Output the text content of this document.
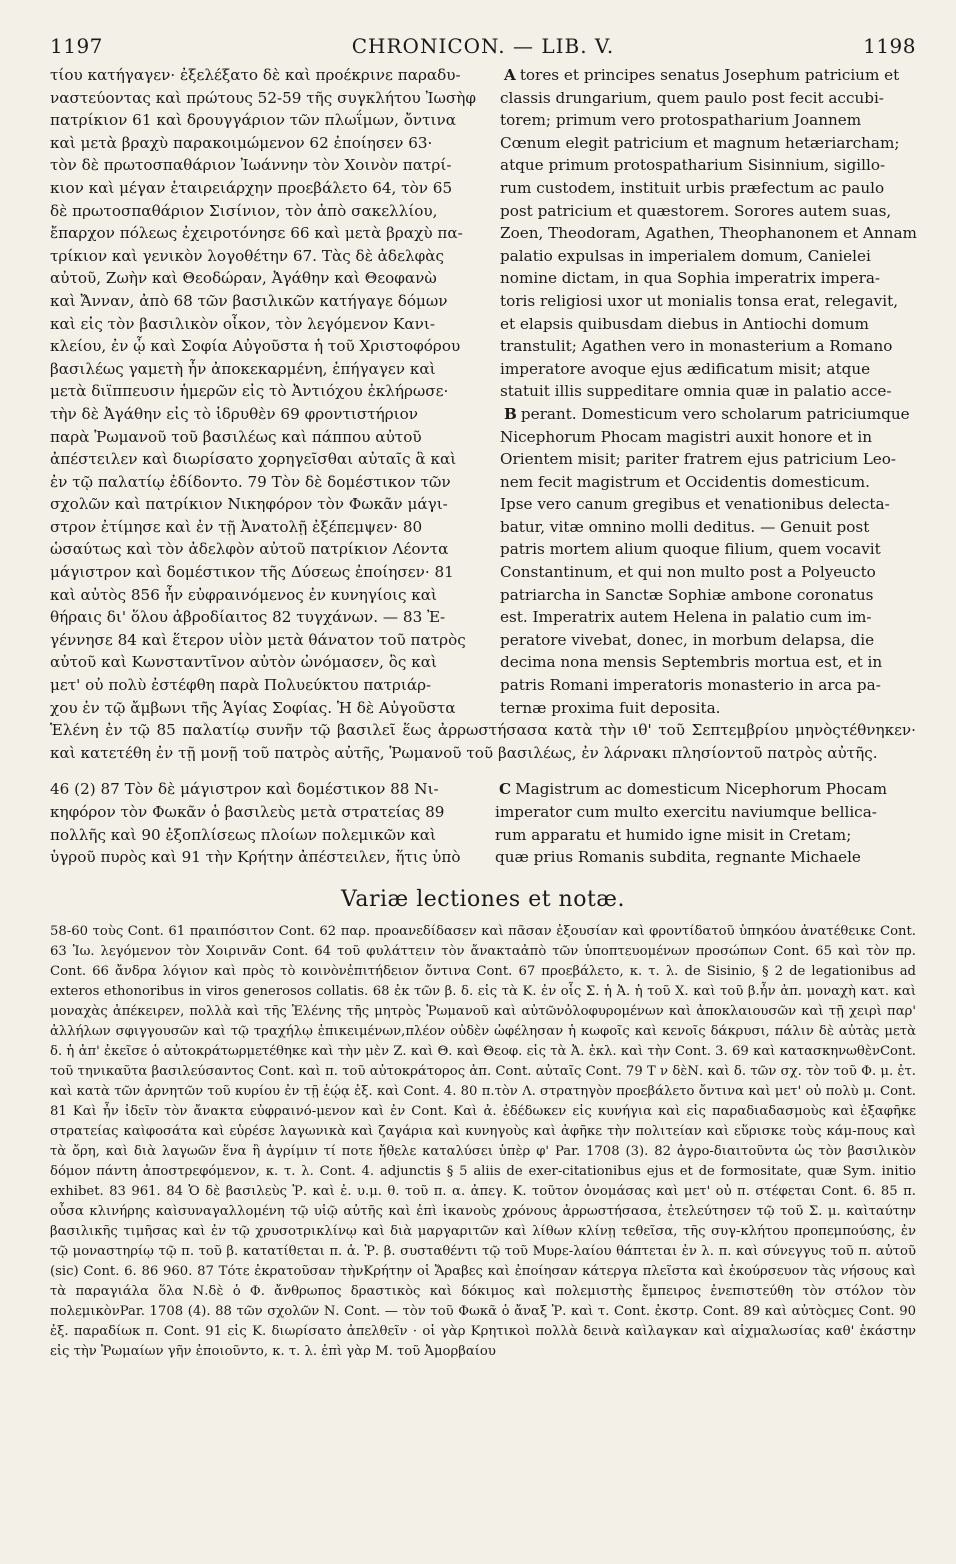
1197	CHRONICON. — LIB. V.	1198
τίου κατήγαγεν· ἐξελέξατο δὲ καὶ προέκρινε παραδυ-
ναστεύοντας καὶ πρώτους 52-59 τῆς συγκλήτου Ἰωσὴφ
πατρίκιον 61 καὶ δρουγγάριον τῶν πλωΐμων, ὄντινα
καὶ μετὰ βραχὺ παρακοιμώμενον 62 ἐποίησεν 63·
τὸν δὲ πρωτοσπαθάριον Ἰωάννην τὸν Χοινὸν πατρί-
κιον καὶ μέγαν ἑταιρειάρχην προεβάλετο 64, τὸν 65
δὲ πρωτοσπαθάριον Σισίνιον, τὸν ἀπὸ σακελλίου,
ἔπαρχον πόλεως ἐχειροτόνησε 66 καὶ μετὰ βραχὺ πα-
τρίκιον καὶ γενικὸν λογοθέτην 67. Τὰς δὲ ἀδελφὰς
αὐτοῦ, Ζωὴν καὶ Θεοδώραν, Ἀγάθην καὶ Θεοφανὼ
καὶ Ἄνναν, ἀπὸ 68 τῶν βασιλικῶν κατήγαγε δόμων
καὶ εἰς τὸν βασιλικὸν οἶκον, τὸν λεγόμενον Κανι-
κλείου, ἐν ᾧ καὶ Σοφία Αὐγοῦστα ἡ τοῦ Χριστοφόρου
βασιλέως γαμετὴ ἦν ἀποκεκαρμένη, ἐπήγαγεν καὶ
μετὰ διϊππευσιν ἡμερῶν εἰς τὸ Ἀντιόχου ἐκλήρωσε·
τὴν δὲ Ἀγάθην εἰς τὸ ἱδρυθὲν 69 φροντιστήριον
παρὰ Ῥωμανοῦ τοῦ βασιλέως καὶ πάππου αὐτοῦ
ἀπέστειλεν καὶ διωρίσατο χορηγεῖσθαι αὐταῖς ἃ καὶ
ἐν τῷ παλατίῳ ἐδίδοντο. 79 Τὸν δὲ δομέστικον τῶν
σχολῶν καὶ πατρίκιον Νικηφόρον τὸν Φωκᾶν μάγι-
στρον ἐτίμησε καὶ ἐν τῇ Ἀνατολῇ ἐξέπεμψεν· 80
ὡσαύτως καὶ τὸν ἀδελφὸν αὐτοῦ πατρίκιον Λέοντα
μάγιστρον καὶ δομέστικον τῆς Δύσεως ἐποίησεν· 81
καὶ αὐτὸς 856 ἦν εὐφραινόμενος ἐν κυνηγίοις καὶ
θήραις δι' ὅλου ἀβροδίαιτος 82 τυγχάνων. — 83 Ἐ-
γέννησε 84 καὶ ἕτερον υἱὸν μετὰ θάνατον τοῦ πατρὸς
αὐτοῦ καὶ Κωνσταντῖνον αὐτὸν ὠνόμασεν, ὃς καὶ
μετ' οὐ πολὺ ἐστέφθη παρὰ Πολυεύκτου πατριάρ-
χου ἐν τῷ ἄμβωνι τῆς Ἁγίας Σοφίας. Ἡ δὲ Αὐγοῦστα
A tores et principes senatus Josephum patricium et
classis drungarium, quem paulo post fecit accubi-
torem; primum vero protospatharium Joannem
Cœnum elegit patricium et magnum hetæriarcham;
atque primum protospatharium Sisinnium, sigillo-
rum custodem, instituit urbis præfectum ac paulo
post patricium et quæstorem. Sorores autem suas,
Zoen, Theodoram, Agathen, Theophanonem et Annam
palatio expulsas in imperialem domum, Canielei
nomine dictam, in qua Sophia imperatrix impera-
toris religiosi uxor ut monialis tonsa erat, relegavit,
et elapsis quibusdam diebus in Antiochi domum
transtulit; Agathen vero in monasterium a Romano
imperatore avoque ejus ædificatum misit; atque
statuit illis suppeditare omnia quæ in palatio acce-
B perant. Domesticum vero scholarum patriciumque
Nicephorum Phocam magistri auxit honore et in
Orientem misit; pariter fratrem ejus patricium Leo-
nem fecit magistrum et Occidentis domesticum.
Ipse vero canum gregibus et venationibus delecta-
batur, vitæ omnino molli deditus. — Genuit post
patris mortem alium quoque filium, quem vocavit
Constantinum, et qui non multo post a Polyeucto
patriarcha in Sanctæ Sophiæ ambone coronatus
est. Imperatrix autem Helena in palatio cum im-
peratore vivebat, donec, in morbum delapsa, die
decima nona mensis Septembris mortua est, et in
patris Romani imperatoris monasterio in arca pa-
ternæ proxima fuit deposita.
Ἑλένη ἐν τῷ 85 παλατίῳ συνῆν τῷ βασιλεῖ ἕως ἀρρωστήσασα κατὰ τὴν ιθ' τοῦ Σεπτεμβρίου μηνὸςτέθνηκεν· καὶ κατετέθη ἐν τῇ μονῇ τοῦ πατρὸς αὐτῆς, Ῥωμανοῦ τοῦ βασιλέως, ἐν λάρνακι πλησίοντοῦ πατρὸς αὐτῆς.
46 (2) 87 Τὸν δὲ μάγιστρον καὶ δομέστικον 88 Νι-
κηφόρον τὸν Φωκᾶν ὁ βασιλεὺς μετὰ στρατείας 89
πολλῆς καὶ 90 ἐξοπλίσεως πλοίων πολεμικῶν καὶ
ὑγροῦ πυρὸς καὶ 91 τὴν Κρήτην ἀπέστειλεν, ἥτις ὑπὸ
C Magistrum ac domesticum Nicephorum Phocam
imperator cum multo exercitu naviumque bellica-
rum apparatu et humido igne misit in Cretam;
quæ prius Romanis subdita, regnante Michaele
Variæ lectiones et notæ.
58-60 τοὺς Cont. 61 πραιπόσιτον Cont. 62 παρ. προανεδίδασεν καὶ πᾶσαν ἐξουσίαν καὶ φροντίδατοῦ ὑπηκόου ἀνατέθεικε Cont. 63 Ἰω. λεγόμενον τὸν Χοιρινᾶν Cont. 64 τοῦ φυλάττειν τὸν ἄνακταἀπὸ τῶν ὑποπτευομένων προσώπων Cont. 65 καὶ τὸν πρ. Cont. 66 ἄνδρα λόγιον καὶ πρὸς τὸ κοινὸνἐπιτήδειον ὄντινα Cont. 67 προεβάλετο, κ. τ. λ. de Sisinio, § 2 de legationibus ad exteros ethonoribus in viros generosos collatis. 68 ἐκ τῶν β. δ. εἰς τὰ Κ. ἐν οἷς Σ. ἡ Ἀ. ἡ τοῦ Χ. καὶ τοῦ β.ἦν ἀπ. μοναχὴ κατ. καὶ μοναχὰς ἀπέκειρεν, πολλὰ καὶ τῆς Ἑλένης τῆς μητρὸς Ῥωμανοῦ καὶ αὐτῶνὀλοφυρομένων καὶ ἀποκλαιουσῶν καὶ τῇ χειρὶ παρ' ἀλλήλων σφιγγουσῶν καὶ τῷ τραχήλῳ ἐπικειμένων,πλέον οὐδὲν ὠφέλησαν ἡ κωφοῖς καὶ κενοῖς δάκρυσι, πάλιν δὲ αὐτὰς μετὰ δ. ἡ ἀπ' ἐκεῖσε ὁ αὐτοκράτωρμετέθηκε καὶ τὴν μὲν Ζ. καὶ Θ. καὶ Θεοφ. εἰς τὰ Ἀ. ἐκλ. καὶ τὴν Cont. 3. 69 καὶ κατασκηνωθὲνCont. τοῦ τηνικαῦτα βασιλεύσαντος Cont. καὶ π. τοῦ αὐτοκράτορος ἀπ. Cont. αὐταῖς Cont. 79 Τ ν δὲΝ. καὶ δ. τῶν σχ. τὸν τοῦ Φ. μ. ἐτ. καὶ κατὰ τῶν ἀρνητῶν τοῦ κυρίου ἐν τῇ ἑῴᾳ ἐξ. καὶ Cont. 4. 80 π.τὸν Λ. στρατηγὸν προεβάλετο ὄντινα καὶ μετ' οὐ πολὺ μ. Cont. 81 Καὶ ἦν ἰδεῖν τὸν ἄνακτα εὐφραινό-μενον καὶ ἐν Cont. Καὶ ἀ. ἐδέδωκεν εἰς κυνήγια καὶ εἰς παραδιαδασμοὺς καὶ ἐξαφῆκε στρατείας καὶφοσάτα καὶ εὑρέσε λαγωνικὰ καὶ ζαγάρια καὶ κυνηγοὺς καὶ ἀφῆκε τὴν πολιτείαν καὶ εὕρισκε τοὺς κάμ-πους καὶ τὰ ὄρη, καὶ διὰ λαγωῶν ἕνα ἢ ἀγρίμιν τί ποτε ἤθελε καταλύσει ὑπὲρ φ' Par. 1708 (3). 82 ἀγρο-διαιτοῦντα ὡς τὸν βασιλικὸν δόμον πάντη ἀποστρεφόμενον, κ. τ. λ. Cont. 4. adjunctis § 5 aliis de exer-citationibus ejus et de formositate, quæ Sym. initio exhibet. 83 961. 84 Ὁ δὲ βασιλεὺς Ῥ. καὶ ἐ. υ.μ. θ. τοῦ π. α. ἀπεγ. Κ. τοῦτον ὀνομάσας καὶ μετ' οὐ π. στέφεται Cont. 6. 85 π. οὖσα κλινήρης καὶσυναγαλλομένη τῷ υἱῷ αὐτῆς καὶ ἐπὶ ἱκανοὺς χρόνους ἀρρωστήσασα, ἐτελεύτησεν τῷ τοῦ Σ. μ. καὶταύτην βασιλικῆς τιμῆσας καὶ ἐν τῷ χρυσοτρικλίνῳ καὶ διὰ μαργαριτῶν καὶ λίθων κλίνῃ τεθεῖσα, τῆς συγ-κλήτου προπεμπούσης, ἐν τῷ μοναστηρίῳ τῷ π. τοῦ β. κατατίθεται π. ἀ. Ῥ. β. συσταθέντι τῷ τοῦ Μυρε-λαίου θάπτεται ἐν λ. π. καὶ σύνεγγυς τοῦ π. αὐτοῦ (sic) Cont. 6. 86 960. 87 Τότε ἐκρατοῦσαν τὴνΚρήτην οἱ Ἄραβες καὶ ἐποίησαν κάτεργα πλεῖστα καὶ ἐκούρσευον τὰς νήσους καὶ τὰ παραγιάλα ὅλα Ν.δὲ ὁ Φ. ἄνθρωπος δραστικὸς καὶ δόκιμος καὶ πολεμιστὴς ἔμπειρος ἐνεπιστεύθη τὸν στόλον τὸν πολεμικὸνPar. 1708 (4). 88 τῶν σχολῶν Ν. Cont. — τὸν τοῦ Φωκᾶ ὁ ἄναξ Ῥ. καὶ τ. Cont. ἐκστρ. Cont. 89 καὶ αὐτὸςμες Cont. 90 ἐξ. παραδίωκ π. Cont. 91 εἰς Κ. διωρίσατο ἀπελθεῖν · οἱ γὰρ Κρητικοὶ πολλὰ δεινὰ καὶλαγκαν καὶ αἰχμαλωσίας καθ' ἑκάστην εἰς τὴν Ῥωμαίων γῆν ἐποιοῦντο, κ. τ. λ. ἐπὶ γὰρ Μ. τοῦ Ἀμορβαίου
